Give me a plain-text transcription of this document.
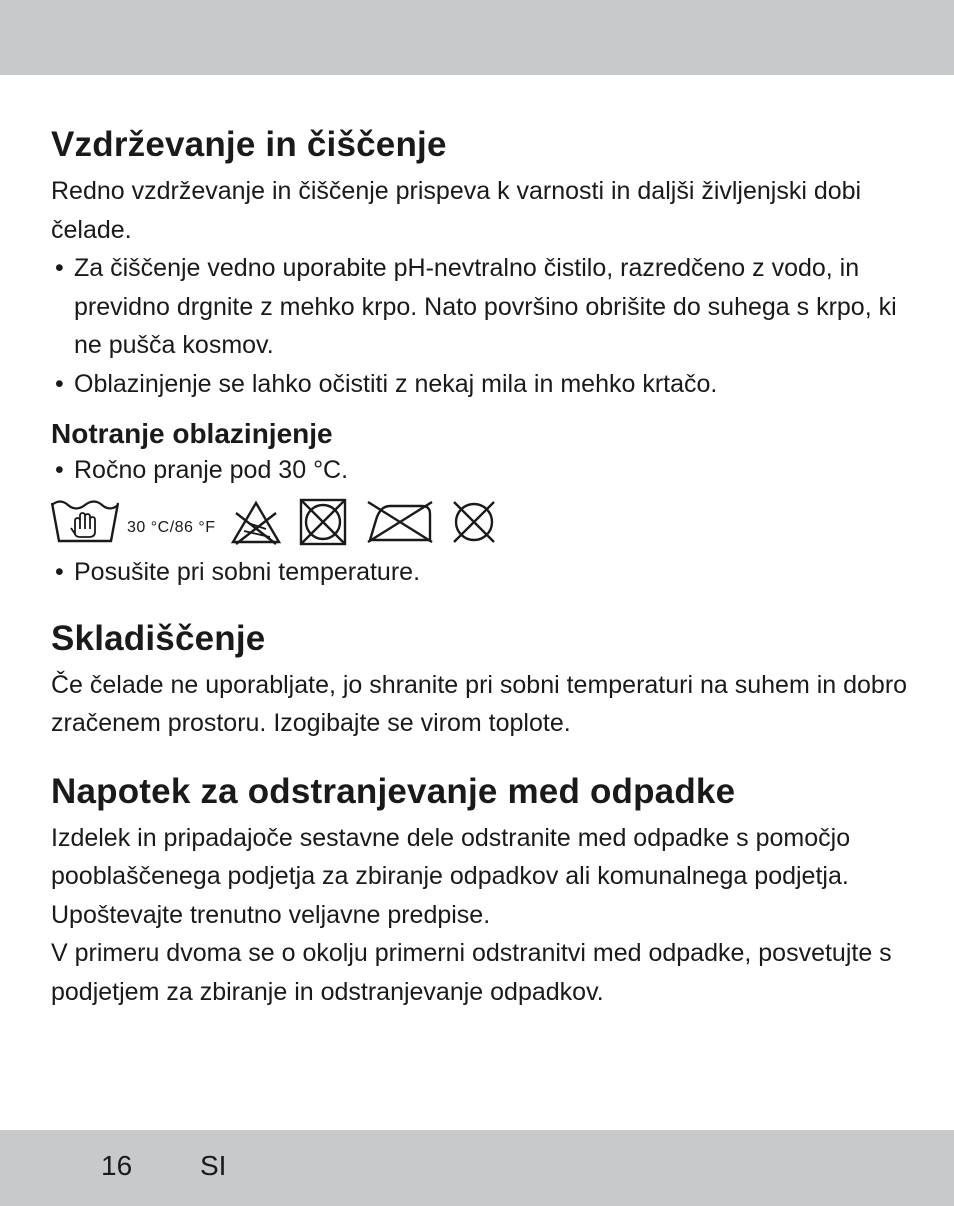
Vzdrževanje in čiščenje

Redno vzdrževanje in čiščenje prispeva k varnosti in daljši življenjski dobi čelade.

• Za čiščenje vedno uporabite pH-nevtralno čistilo, razredčeno z vodo, in previdno drgnite z mehko krpo. Nato površino obrišite do suhega s krpo, ki ne pušča kosmov.
• Oblazinjenje se lahko očistiti z nekaj mila in mehko krtačo.
Notranje oblazinjenje
• Ročno pranje pod 30 °C.
30 °C/86 °F
• Posušite pri sobni temperature.
Skladiščenje

Če čelade ne uporabljate, jo shranite pri sobni temperaturi na suhem in dobro zračenem prostoru. Izogibajte se virom toplote.

Napotek za odstranjevanje med odpadke

Izdelek in pripadajoče sestavne dele odstranite med odpadke s pomočjo pooblaščenega podjetja za zbiranje odpadkov ali komunalnega podjetja. Upoštevajte trenutno veljavne predpise.

V primeru dvoma se o okolju primerni odstranitvi med odpadke, posvetujte s podjetjem za zbiranje in odstranjevanje odpadkov.

16 SI
